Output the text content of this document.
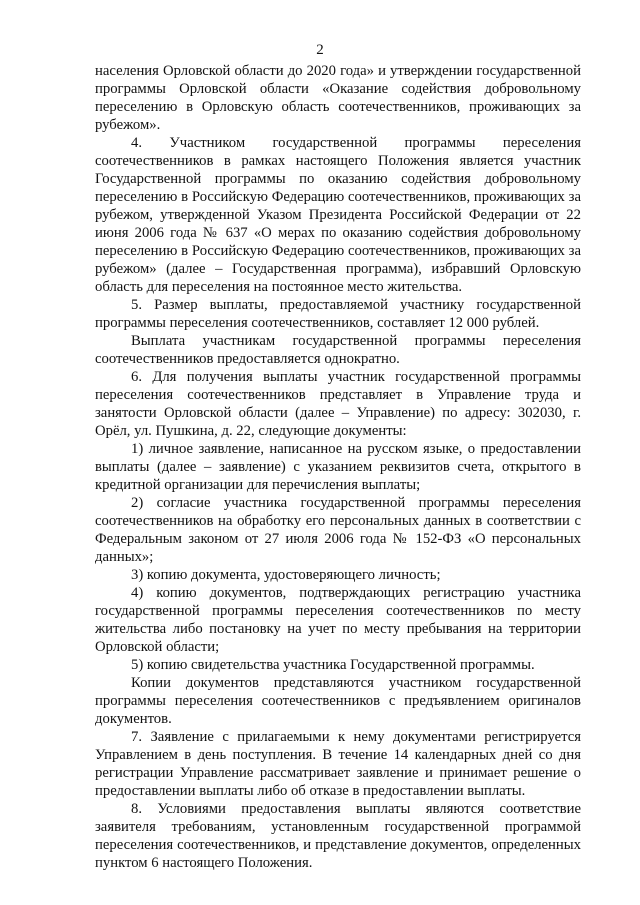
2

населения Орловской области до 2020 года» и утверждении государственной программы Орловской области «Оказание содействия добровольному переселению в Орловскую область соотечественников, проживающих за рубежом».

4. Участником государственной программы переселения соотечественников в рамках настоящего Положения является участник Государственной программы по оказанию содействия добровольному переселению в Российскую Федерацию соотечественников, проживающих за рубежом, утвержденной Указом Президента Российской Федерации от 22 июня 2006 года № 637 «О мерах по оказанию содействия добровольному переселению в Российскую Федерацию соотечественников, проживающих за рубежом» (далее – Государственная программа), избравший Орловскую область для переселения на постоянное место жительства.

5. Размер выплаты, предоставляемой участнику государственной программы переселения соотечественников, составляет 12 000 рублей.

Выплата участникам государственной программы переселения соотечественников предоставляется однократно.

6. Для получения выплаты участник государственной программы переселения соотечественников представляет в Управление труда и занятости Орловской области (далее – Управление) по адресу: 302030, г. Орёл, ул. Пушкина, д. 22, следующие документы:

1) личное заявление, написанное на русском языке, о предоставлении выплаты (далее – заявление) с указанием реквизитов счета, открытого в кредитной организации для перечисления выплаты;

2) согласие участника государственной программы переселения соотечественников на обработку его персональных данных в соответствии с Федеральным законом от 27 июля 2006 года № 152-ФЗ «О персональных данных»;

3) копию документа, удостоверяющего личность;

4) копию документов, подтверждающих регистрацию участника государственной программы переселения соотечественников по месту жительства либо постановку на учет по месту пребывания на территории Орловской области;

5) копию свидетельства участника Государственной программы.

Копии документов представляются участником государственной программы переселения соотечественников с предъявлением оригиналов документов.

7. Заявление с прилагаемыми к нему документами регистрируется Управлением в день поступления. В течение 14 календарных дней со дня регистрации Управление рассматривает заявление и принимает решение о предоставлении выплаты либо об отказе в предоставлении выплаты.

8. Условиями предоставления выплаты являются соответствие заявителя требованиям, установленным государственной программой переселения соотечественников, и представление документов, определенных пунктом 6 настоящего Положения.
